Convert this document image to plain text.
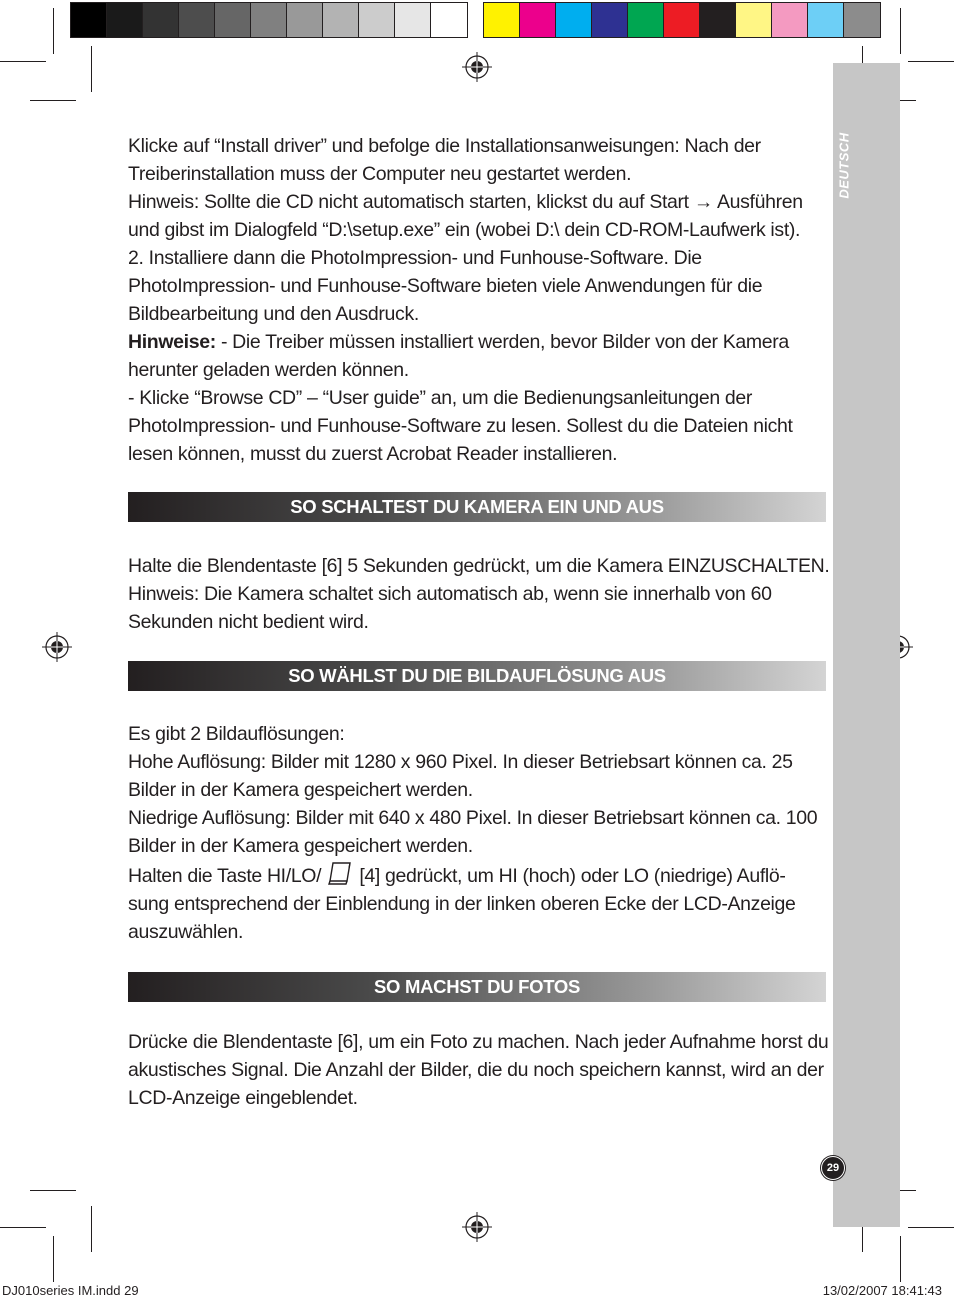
DEUTSCH
29
Klicke auf “Install driver” und befolge die Installationsanweisungen: Nach der
Treiberinstallation muss der Computer neu gestartet werden.
Hinweis: Sollte die CD nicht automatisch starten, klickst du auf Start → Ausführen
und gibst im Dialogfeld “D:\setup.exe” ein (wobei D:\ dein CD-ROM-Laufwerk ist).
2. Installiere dann die PhotoImpression- und Funhouse-Software. Die
PhotoImpression- und Funhouse-Software bieten viele Anwendungen für die
Bildbearbeitung und den Ausdruck.
Hinweise: - Die Treiber müssen installiert werden, bevor Bilder von der Kamera
herunter geladen werden können.
- Klicke “Browse CD” – “User guide” an, um die Bedienungsanleitungen der
PhotoImpression- und Funhouse-Software zu lesen. Sollest du die Dateien nicht
lesen können, musst du zuerst Acrobat Reader installieren.
SO SCHALTEST DU KAMERA EIN UND AUS
Halte die Blendentaste [6] 5 Sekunden gedrückt, um die Kamera EINZUSCHALTEN.
Hinweis: Die Kamera schaltet sich automatisch ab, wenn sie innerhalb von 60
Sekunden nicht bedient wird.
SO WÄHLST DU DIE BILDAUFLÖSUNG AUS
Es gibt 2 Bildauflösungen:
Hohe Auflösung: Bilder mit 1280 x 960 Pixel. In dieser Betriebsart können ca. 25
Bilder in der Kamera gespeichert werden.
Niedrige Auflösung: Bilder mit 640 x 480 Pixel. In dieser Betriebsart können ca. 100
Bilder in der Kamera gespeichert werden.
Halten die Taste HI/LO/  [4] gedrückt, um HI (hoch) oder LO (niedrige) Auflö-
sung entsprechend der Einblendung in der linken oberen Ecke der LCD-Anzeige
auszuwählen.
SO MACHST DU FOTOS
Drücke die Blendentaste [6], um ein Foto zu machen. Nach jeder Aufnahme horst du
akustisches Signal. Die Anzahl der Bilder, die du noch speichern kannst, wird an der
LCD-Anzeige eingeblendet.
DJ010series IM.indd 29	13/02/2007 18:41:43
